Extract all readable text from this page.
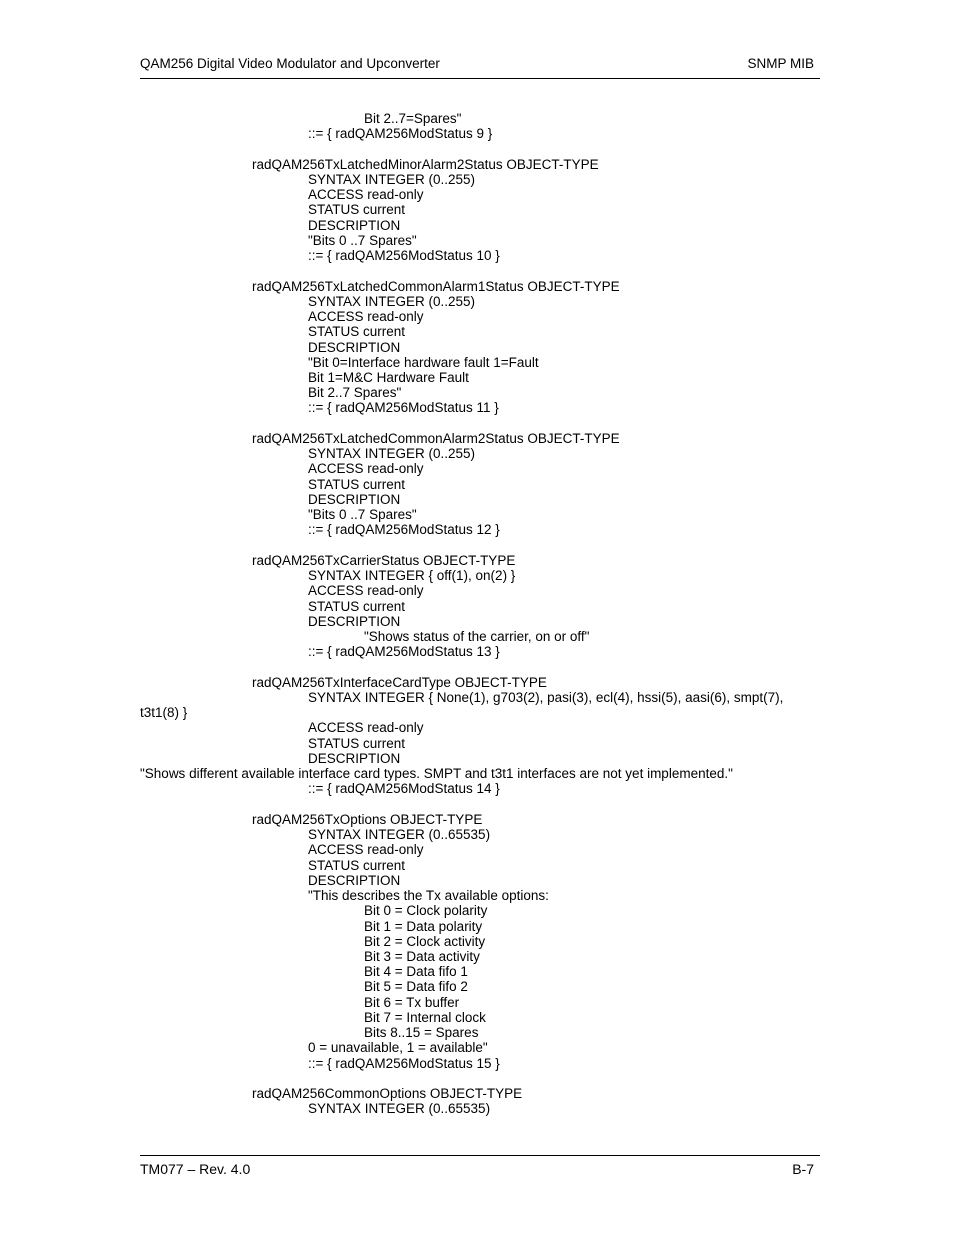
QAM256 Digital Video Modulator and Upconverter	SNMP MIB
Bit 2..7=Spares"
::= { radQAM256ModStatus 9 }
radQAM256TxLatchedMinorAlarm2Status OBJECT-TYPE
SYNTAX INTEGER (0..255)
ACCESS read-only
STATUS current
DESCRIPTION
"Bits 0 ..7 Spares"
::= { radQAM256ModStatus 10 }
radQAM256TxLatchedCommonAlarm1Status OBJECT-TYPE
SYNTAX INTEGER (0..255)
ACCESS read-only
STATUS current
DESCRIPTION
"Bit 0=Interface hardware fault 1=Fault
Bit 1=M&C Hardware Fault
Bit 2..7 Spares"
::= { radQAM256ModStatus 11 }
radQAM256TxLatchedCommonAlarm2Status OBJECT-TYPE
SYNTAX INTEGER (0..255)
ACCESS read-only
STATUS current
DESCRIPTION
"Bits 0 ..7 Spares"
::= { radQAM256ModStatus 12 }
radQAM256TxCarrierStatus OBJECT-TYPE
SYNTAX INTEGER { off(1), on(2) }
ACCESS read-only
STATUS current
DESCRIPTION
"Shows status of the carrier, on or off"
::= { radQAM256ModStatus 13 }
radQAM256TxInterfaceCardType OBJECT-TYPE
SYNTAX INTEGER { None(1), g703(2), pasi(3), ecl(4), hssi(5), aasi(6), smpt(7),
t3t1(8) }
ACCESS read-only
STATUS current
DESCRIPTION
"Shows different available interface card types. SMPT and t3t1 interfaces are not yet implemented."
::= { radQAM256ModStatus 14 }
radQAM256TxOptions OBJECT-TYPE
SYNTAX INTEGER (0..65535)
ACCESS read-only
STATUS current
DESCRIPTION
"This describes the Tx available options:
Bit 0 = Clock polarity
Bit 1 = Data polarity
Bit 2 = Clock activity
Bit 3 = Data activity
Bit 4 = Data fifo 1
Bit 5 = Data fifo 2
Bit 6 = Tx buffer
Bit 7 = Internal clock
Bits 8..15 = Spares
0 = unavailable, 1 = available"
::= { radQAM256ModStatus 15 }
radQAM256CommonOptions OBJECT-TYPE
SYNTAX INTEGER (0..65535)
TM077 – Rev. 4.0	B-7
